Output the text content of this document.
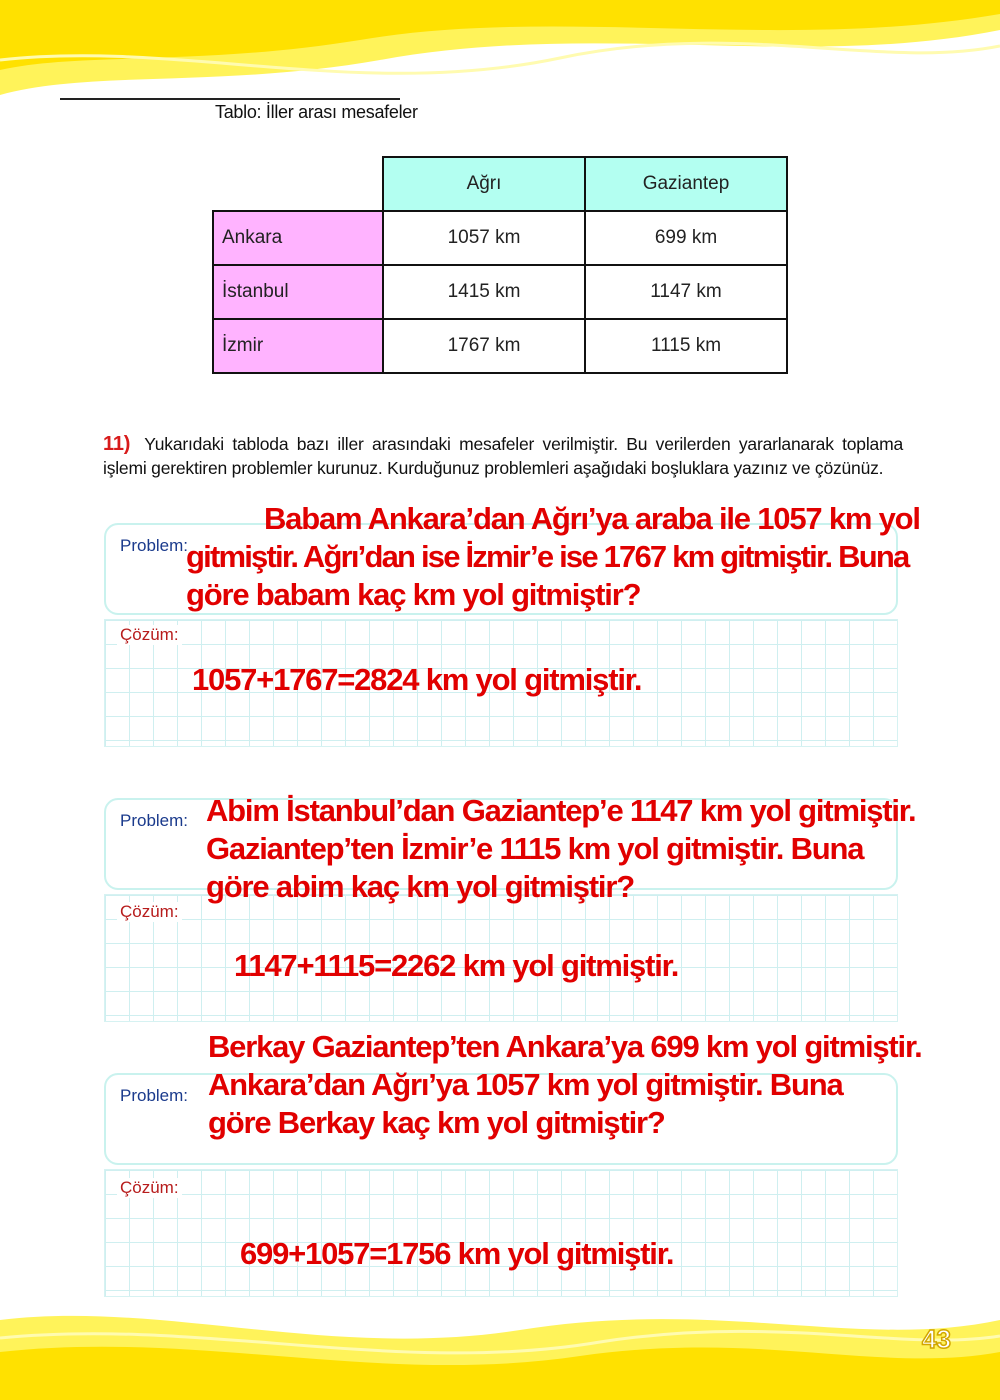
Tablo: İller arası mesafeler
	Ağrı	Gaziantep
Ankara	1057 km	699 km
İstanbul	1415 km	1147 km
İzmir	1767 km	1115 km
11) Yukarıdaki tabloda bazı iller arasındaki mesafeler verilmiştir. Bu verilerden yararlanarak toplama işlemi gerektiren problemler kurunuz. Kurduğunuz problemleri aşağıdaki boşluklara yazınız ve çözünüz.
Problem:
Çözüm:
Problem:
Çözüm:
Problem:
Çözüm:
Babam Ankara’dan Ağrı’ya araba ile 1057 km yol
gitmiştir. Ağrı’dan ise İzmir’e ise 1767 km gitmiştir. Buna
göre babam kaç km yol gitmiştir?
1057+1767=2824 km yol gitmiştir.
Abim İstanbul’dan Gaziantep’e 1147 km yol gitmiştir.
Gaziantep’ten İzmir’e 1115 km yol gitmiştir. Buna
göre abim kaç km yol gitmiştir?
1147+1115=2262 km yol gitmiştir.
Berkay Gaziantep’ten Ankara’ya 699 km yol gitmiştir.
Ankara’dan Ağrı’ya 1057 km yol gitmiştir. Buna
göre Berkay kaç km yol gitmiştir?
699+1057=1756 km yol gitmiştir.
43
